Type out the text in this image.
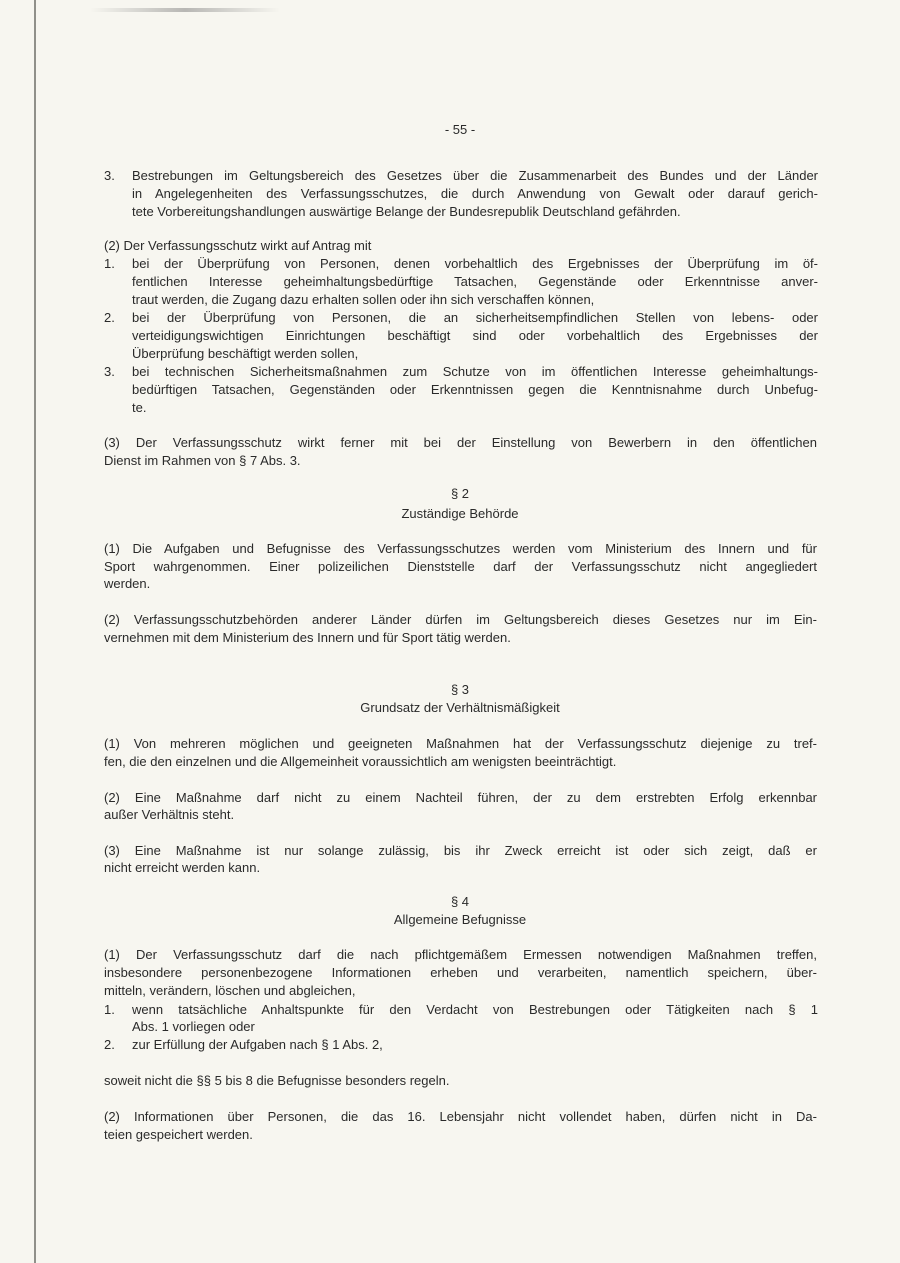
- 55 -
3.	Bestrebungen im Geltungsbereich des Gesetzes über die Zusammenarbeit des Bundes und der Länder
in Angelegenheiten des Verfassungsschutzes, die durch Anwendung von Gewalt oder darauf gerich-
tete Vorbereitungshandlungen auswärtige Belange der Bundesrepublik Deutschland gefährden.
(2) Der Verfassungsschutz wirkt auf Antrag mit
1.	bei der Überprüfung von Personen, denen vorbehaltlich des Ergebnisses der Überprüfung im öf-
fentlichen Interesse geheimhaltungsbedürftige Tatsachen, Gegenstände oder Erkenntnisse anver-
traut werden, die Zugang dazu erhalten sollen oder ihn sich verschaffen können,
2.	bei der Überprüfung von Personen, die an sicherheitsempfindlichen Stellen von lebens- oder
verteidigungswichtigen Einrichtungen beschäftigt sind oder vorbehaltlich des Ergebnisses der
Überprüfung beschäftigt werden sollen,
3.	bei technischen Sicherheitsmaßnahmen zum Schutze von im öffentlichen Interesse geheimhaltungs-
bedürftigen Tatsachen, Gegenständen oder Erkenntnissen gegen die Kenntnisnahme durch Unbefug-
te.
(3) Der Verfassungsschutz wirkt ferner mit bei der Einstellung von Bewerbern in den öffentlichen
Dienst im Rahmen von § 7 Abs. 3.
§ 2
Zuständige Behörde
(1) Die Aufgaben und Befugnisse des Verfassungsschutzes werden vom Ministerium des Innern und für
Sport wahrgenommen. Einer polizeilichen Dienststelle darf der Verfassungsschutz nicht angegliedert
werden.
(2) Verfassungsschutzbehörden anderer Länder dürfen im Geltungsbereich dieses Gesetzes nur im Ein-
vernehmen mit dem Ministerium des Innern und für Sport tätig werden.
§ 3
Grundsatz der Verhältnismäßigkeit
(1) Von mehreren möglichen und geeigneten Maßnahmen hat der Verfassungsschutz diejenige zu tref-
fen, die den einzelnen und die Allgemeinheit voraussichtlich am wenigsten beeinträchtigt.
(2) Eine Maßnahme darf nicht zu einem Nachteil führen, der zu dem erstrebten Erfolg erkennbar
außer Verhältnis steht.
(3) Eine Maßnahme ist nur solange zulässig, bis ihr Zweck erreicht ist oder sich zeigt, daß er
nicht erreicht werden kann.
§ 4
Allgemeine Befugnisse
(1) Der Verfassungsschutz darf die nach pflichtgemäßem Ermessen notwendigen Maßnahmen treffen,
insbesondere personenbezogene Informationen erheben und verarbeiten, namentlich speichern, über-
mitteln, verändern, löschen und abgleichen,
1.	wenn tatsächliche Anhaltspunkte für den Verdacht von Bestrebungen oder Tätigkeiten nach § 1
Abs. 1 vorliegen oder
2.	zur Erfüllung der Aufgaben nach § 1 Abs. 2,
soweit nicht die §§ 5 bis 8 die Befugnisse besonders regeln.
(2) Informationen über Personen, die das 16. Lebensjahr nicht vollendet haben, dürfen nicht in Da-
teien gespeichert werden.
